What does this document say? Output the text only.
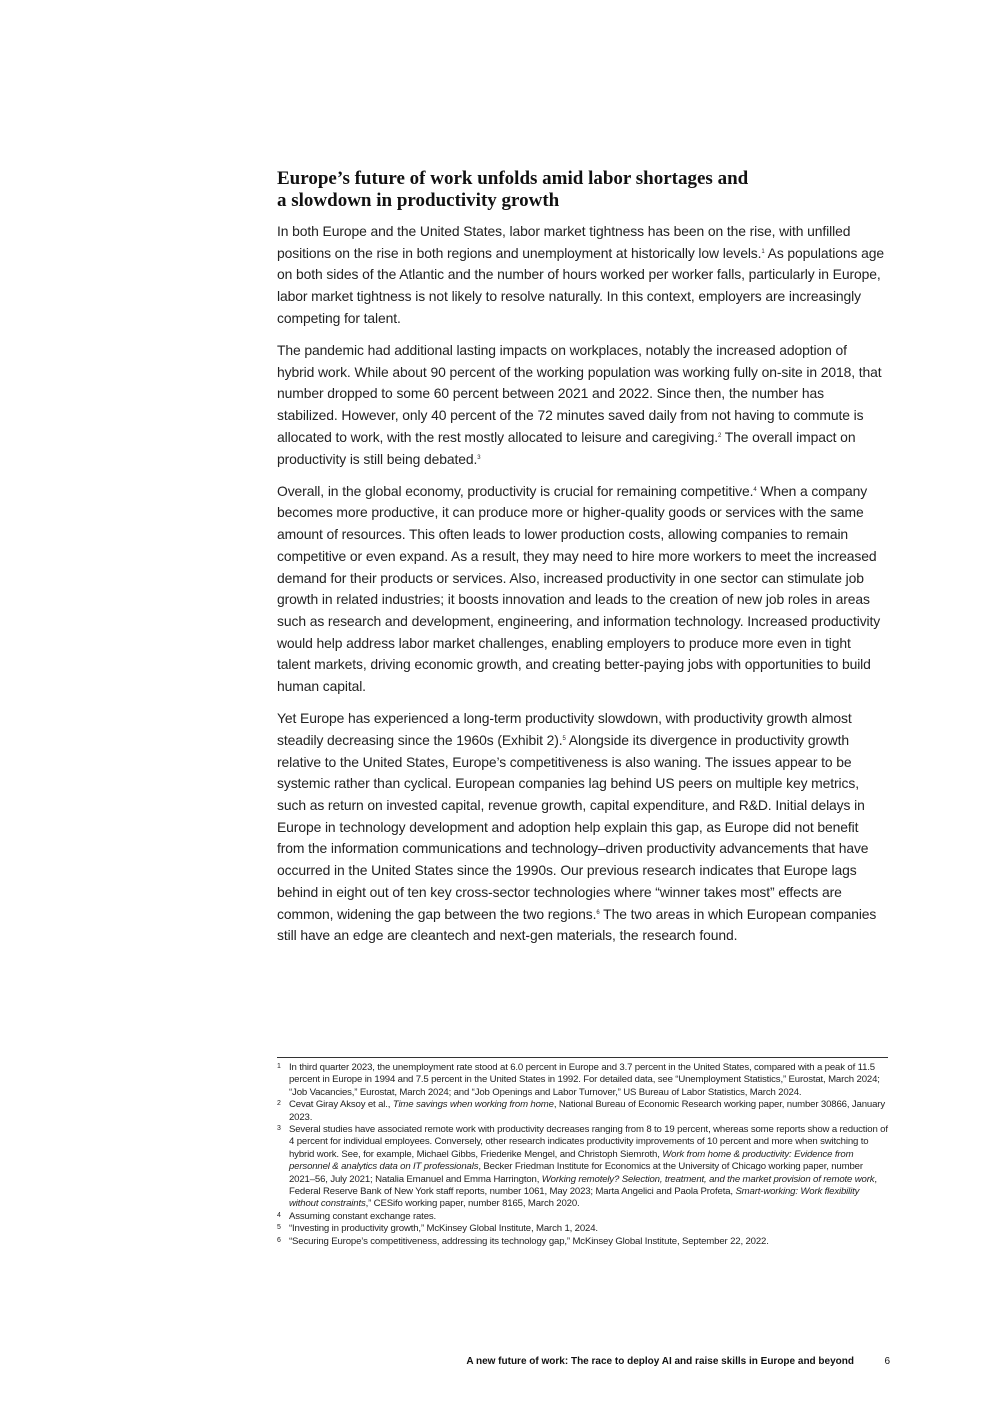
Europe’s future of work unfolds amid labor shortages and a slowdown in productivity growth

In both Europe and the United States, labor market tightness has been on the rise, with unfilled positions on the rise in both regions and unemployment at historically low levels.$^1$ As populations age on both sides of the Atlantic and the number of hours worked per worker falls, particularly in Europe, labor market tightness is not likely to resolve naturally. In this context, employers are increasingly competing for talent.

The pandemic had additional lasting impacts on workplaces, notably the increased adoption of hybrid work. While about 90 percent of the working population was working fully on-site in 2018, that number dropped to some 60 percent between 2021 and 2022. Since then, the number has stabilized. However, only 40 percent of the 72 minutes saved daily from not having to commute is allocated to work, with the rest mostly allocated to leisure and caregiving.$^2$ The overall impact on productivity is still being debated.$^3$

Overall, in the global economy, productivity is crucial for remaining competitive.$^4$ When a company becomes more productive, it can produce more or higher-quality goods or services with the same amount of resources. This often leads to lower production costs, allowing companies to remain competitive or even expand. As a result, they may need to hire more workers to meet the increased demand for their products or services. Also, increased productivity in one sector can stimulate job growth in related industries; it boosts innovation and leads to the creation of new job roles in areas such as research and development, engineering, and information technology. Increased productivity would help address labor market challenges, enabling employers to produce more even in tight talent markets, driving economic growth, and creating better-paying jobs with opportunities to build human capital.

Yet Europe has experienced a long-term productivity slowdown, with productivity growth almost steadily decreasing since the 1960s (Exhibit 2).$^5$ Alongside its divergence in productivity growth relative to the United States, Europe’s competitiveness is also waning. The issues appear to be systemic rather than cyclical. European companies lag behind US peers on multiple key metrics, such as return on invested capital, revenue growth, capital expenditure, and R&D. Initial delays in Europe in technology development and adoption help explain this gap, as Europe did not benefit from the information communications and technology–driven productivity advancements that have occurred in the United States since the 1990s. Our previous research indicates that Europe lags behind in eight out of ten key cross-sector technologies where “winner takes most” effects are common, widening the gap between the two regions.$^6$ The two areas in which European companies still have an edge are cleantech and next-gen materials, the research found.

1 In third quarter 2023, the unemployment rate stood at 6.0 percent in Europe and 3.7 percent in the United States, compared with a peak of 11.5 percent in Europe in 1994 and 7.5 percent in the United States in 1992. For detailed data, see “Unemployment Statistics,” Eurostat, March 2024; “Job Vacancies,” Eurostat, March 2024; and “Job Openings and Labor Turnover,” US Bureau of Labor Statistics, March 2024.
2 Cevat Giray Aksoy et al., Time savings when working from home, National Bureau of Economic Research working paper, number 30866, January 2023.
3 Several studies have associated remote work with productivity decreases ranging from 8 to 19 percent, whereas some reports show a reduction of 4 percent for individual employees. Conversely, other research indicates productivity improvements of 10 percent and more when switching to hybrid work. See, for example, Michael Gibbs, Friederike Mengel, and Christoph Siemroth, Work from home & productivity: Evidence from personnel & analytics data on IT professionals, Becker Friedman Institute for Economics at the University of Chicago working paper, number 2021–56, July 2021; Natalia Emanuel and Emma Harrington, Working remotely? Selection, treatment, and the market provision of remote work, Federal Reserve Bank of New York staff reports, number 1061, May 2023; Marta Angelici and Paola Profeta, Smart-working: Work flexibility without constraints,” CESifo working paper, number 8165, March 2020.
4 Assuming constant exchange rates.
5 “Investing in productivity growth,” McKinsey Global Institute, March 1, 2024.
6 “Securing Europe’s competitiveness, addressing its technology gap,” McKinsey Global Institute, September 22, 2022.
A new future of work: The race to deploy AI and raise skills in Europe and beyond	6
